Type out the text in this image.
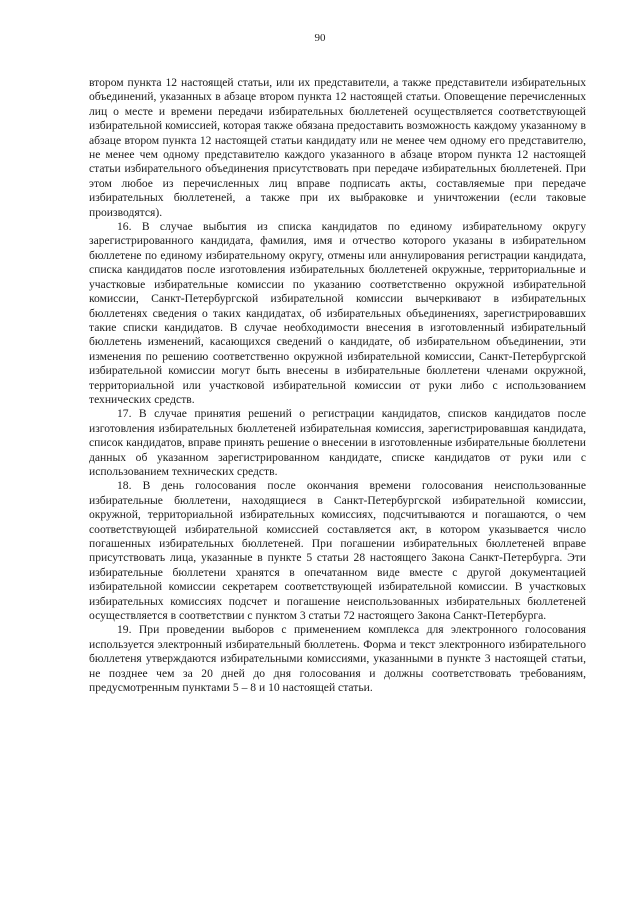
90

втором пункта 12 настоящей статьи, или их представители, а также представители избирательных объединений, указанных в абзаце втором пункта 12 настоящей статьи. Оповещение перечисленных лиц о месте и времени передачи избирательных бюллетеней осуществляется соответствующей избирательной комиссией, которая также обязана предоставить возможность каждому указанному в абзаце втором пункта 12 настоящей статьи кандидату или не менее чем одному его представителю, не менее чем одному представителю каждого указанного в абзаце втором пункта 12 настоящей статьи избирательного объединения присутствовать при передаче избирательных бюллетеней. При этом любое из перечисленных лиц вправе подписать акты, составляемые при передаче избирательных бюллетеней, а также при их выбраковке и уничтожении (если таковые производятся).

16. В случае выбытия из списка кандидатов по единому избирательному округу зарегистрированного кандидата, фамилия, имя и отчество которого указаны в избирательном бюллетене по единому избирательному округу, отмены или аннулирования регистрации кандидата, списка кандидатов после изготовления избирательных бюллетеней окружные, территориальные и участковые избирательные комиссии по указанию соответственно окружной избирательной комиссии, Санкт-Петербургской избирательной комиссии вычеркивают в избирательных бюллетенях сведения о таких кандидатах, об избирательных объединениях, зарегистрировавших такие списки кандидатов. В случае необходимости внесения в изготовленный избирательный бюллетень изменений, касающихся сведений о кандидате, об избирательном объединении, эти изменения по решению соответственно окружной избирательной комиссии, Санкт-Петербургской избирательной комиссии могут быть внесены в избирательные бюллетени членами окружной, территориальной или участковой избирательной комиссии от руки либо с использованием технических средств.

17. В случае принятия решений о регистрации кандидатов, списков кандидатов после изготовления избирательных бюллетеней избирательная комиссия, зарегистрировавшая кандидата, список кандидатов, вправе принять решение о внесении в изготовленные избирательные бюллетени данных об указанном зарегистрированном кандидате, списке кандидатов от руки или с использованием технических средств.

18. В день голосования после окончания времени голосования неиспользованные избирательные бюллетени, находящиеся в Санкт-Петербургской избирательной комиссии, окружной, территориальной избирательных комиссиях, подсчитываются и погашаются, о чем соответствующей избирательной комиссией составляется акт, в котором указывается число погашенных избирательных бюллетеней. При погашении избирательных бюллетеней вправе присутствовать лица, указанные в пункте 5 статьи 28 настоящего Закона Санкт-Петербурга. Эти избирательные бюллетени хранятся в опечатанном виде вместе с другой документацией избирательной комиссии секретарем соответствующей избирательной комиссии. В участковых избирательных комиссиях подсчет и погашение неиспользованных избирательных бюллетеней осуществляется в соответствии с пунктом 3 статьи 72 настоящего Закона Санкт-Петербурга.

19. При проведении выборов с применением комплекса для электронного голосования используется электронный избирательный бюллетень. Форма и текст электронного избирательного бюллетеня утверждаются избирательными комиссиями, указанными в пункте 3 настоящей статьи, не позднее чем за 20 дней до дня голосования и должны соответствовать требованиям, предусмотренным пунктами 5 – 8 и 10 настоящей статьи.
